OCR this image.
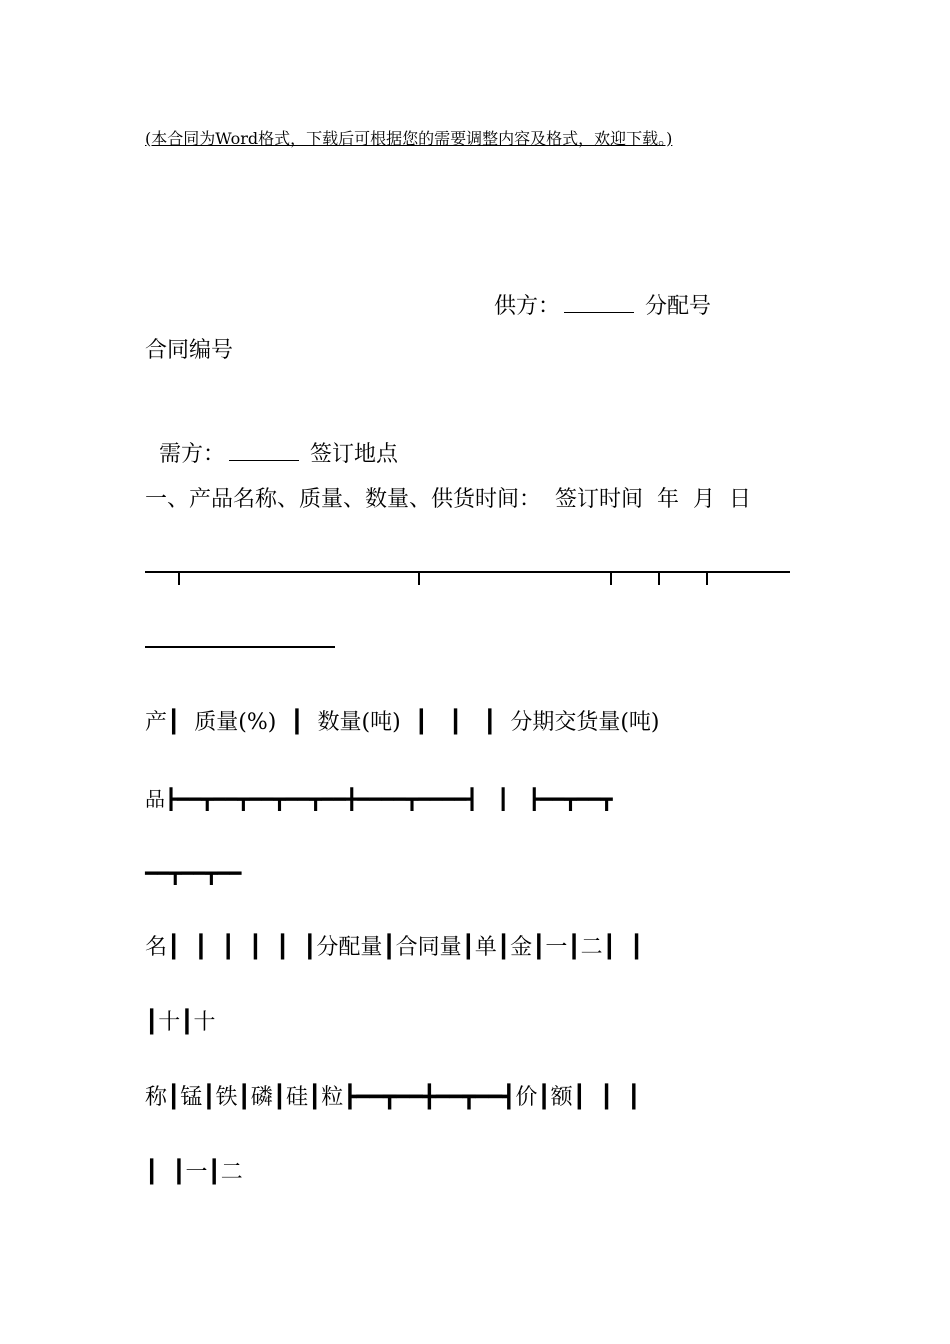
(本合同为Word格式，下载后可根据您的需要调整内容及格式，欢迎下载。)

供方：	分配号

合同编号

需方：	签订地点

一、产品名称、质量、数量、供货时间：  签订时间  年  月  日
产┃  质量(%)  ┃  数量(吨)  ┃   ┃   ┃  分期交货量(吨)
品┣━━┳━━┳━━┳━━┳━━╋━━━━┳━━━━┫   ┃   ┣━━┳━━┳
━━┳━━┳━━
名┃  ┃  ┃  ┃  ┃  ┃分配量┃合同量┃单┃金┃一┃二┃  ┃
┃十┃十
称┃锰┃铁┃磷┃硅┃粒┣━━┳━━╋━━┳━━┫价┃额┃  ┃  ┃
┃  ┃一┃二
